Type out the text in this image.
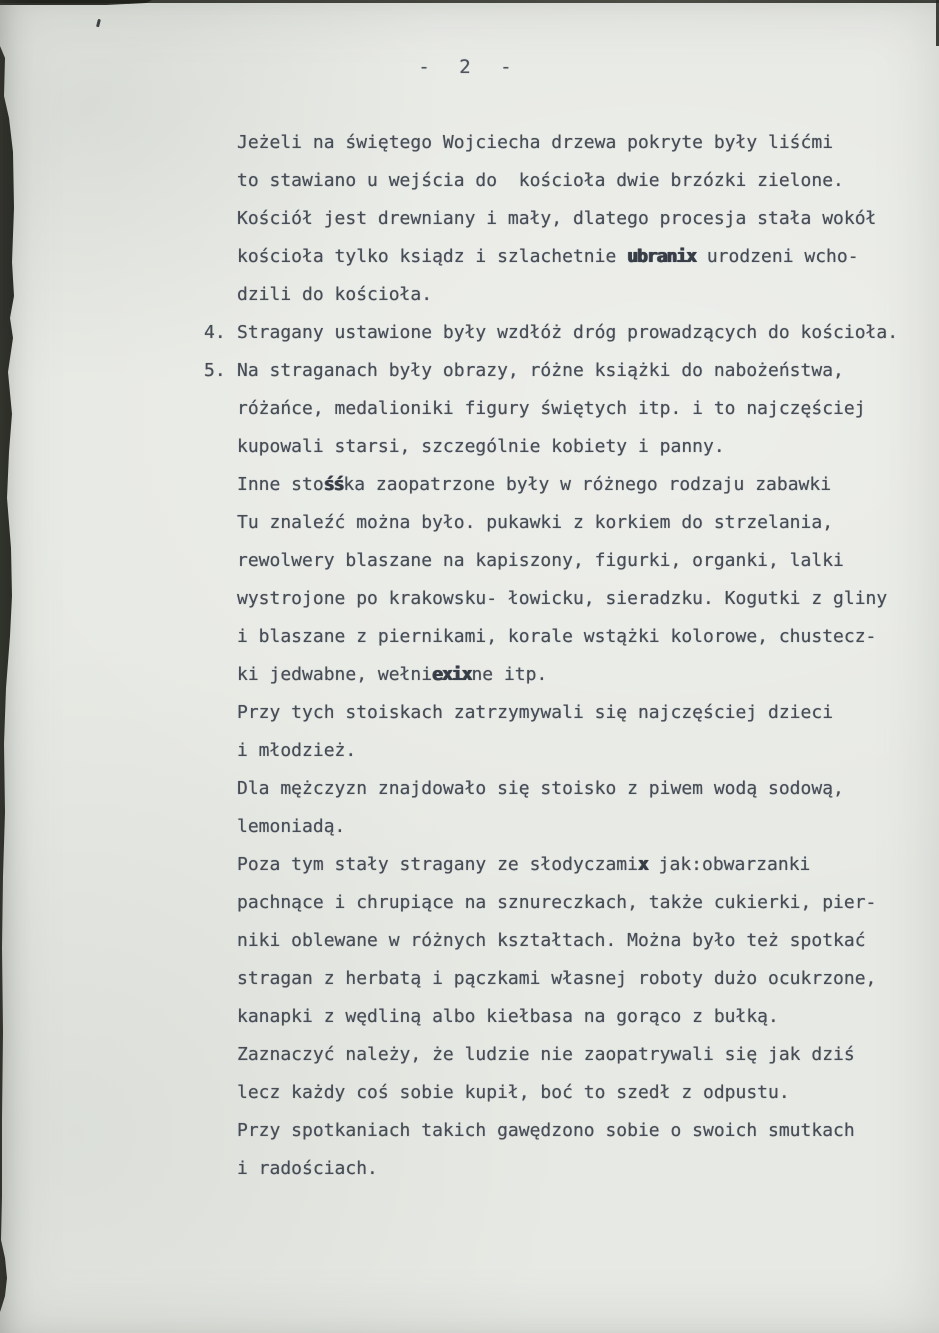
- 2 -
Jeżeli na świętego Wojciecha drzewa pokryte były liśćmi
to stawiano u wejścia do  kościoła dwie brzózki zielone.
Kościół jest drewniany i mały, dlatego procesja stała wokół
kościoła tylko ksiądz i szlachetnie ubranix urodzeni wcho-
dzili do kościoła.
4. Stragany ustawione były wzdłóż dróg prowadzących do kościoła.
5. Na straganach były obrazy, różne książki do nabożeństwa,
różańce, medalioniki figury świętych itp. i to najczęściej
kupowali starsi, szczególnie kobiety i panny.
Inne stośśka zaopatrzone były w różnego rodzaju zabawki
Tu znaleźć można było. pukawki z korkiem do strzelania,
rewolwery blaszane na kapiszony, figurki, organki, lalki
wystrojone po krakowsku- łowicku, sieradzku. Kogutki z gliny
i blaszane z piernikami, korale wstążki kolorowe, chustecz-
ki jedwabne, wełniexixne itp.
Przy tych stoiskach zatrzymywali się najczęściej dzieci
i młodzież.
Dla mężczyzn znajdowało się stoisko z piwem wodą sodową,
lemoniadą.
Poza tym stały stragany ze słodyczamix jak:obwarzanki
pachnące i chrupiące na sznureczkach, także cukierki, pier-
niki oblewane w różnych kształtach. Można było też spotkać
stragan z herbatą i pączkami własnej roboty dużo ocukrzone,
kanapki z wędliną albo kiełbasa na gorąco z bułką.
Zaznaczyć należy, że ludzie nie zaopatrywali się jak dziś
lecz każdy coś sobie kupił, boć to szedł z odpustu.
Przy spotkaniach takich gawędzono sobie o swoich smutkach
i radościach.
